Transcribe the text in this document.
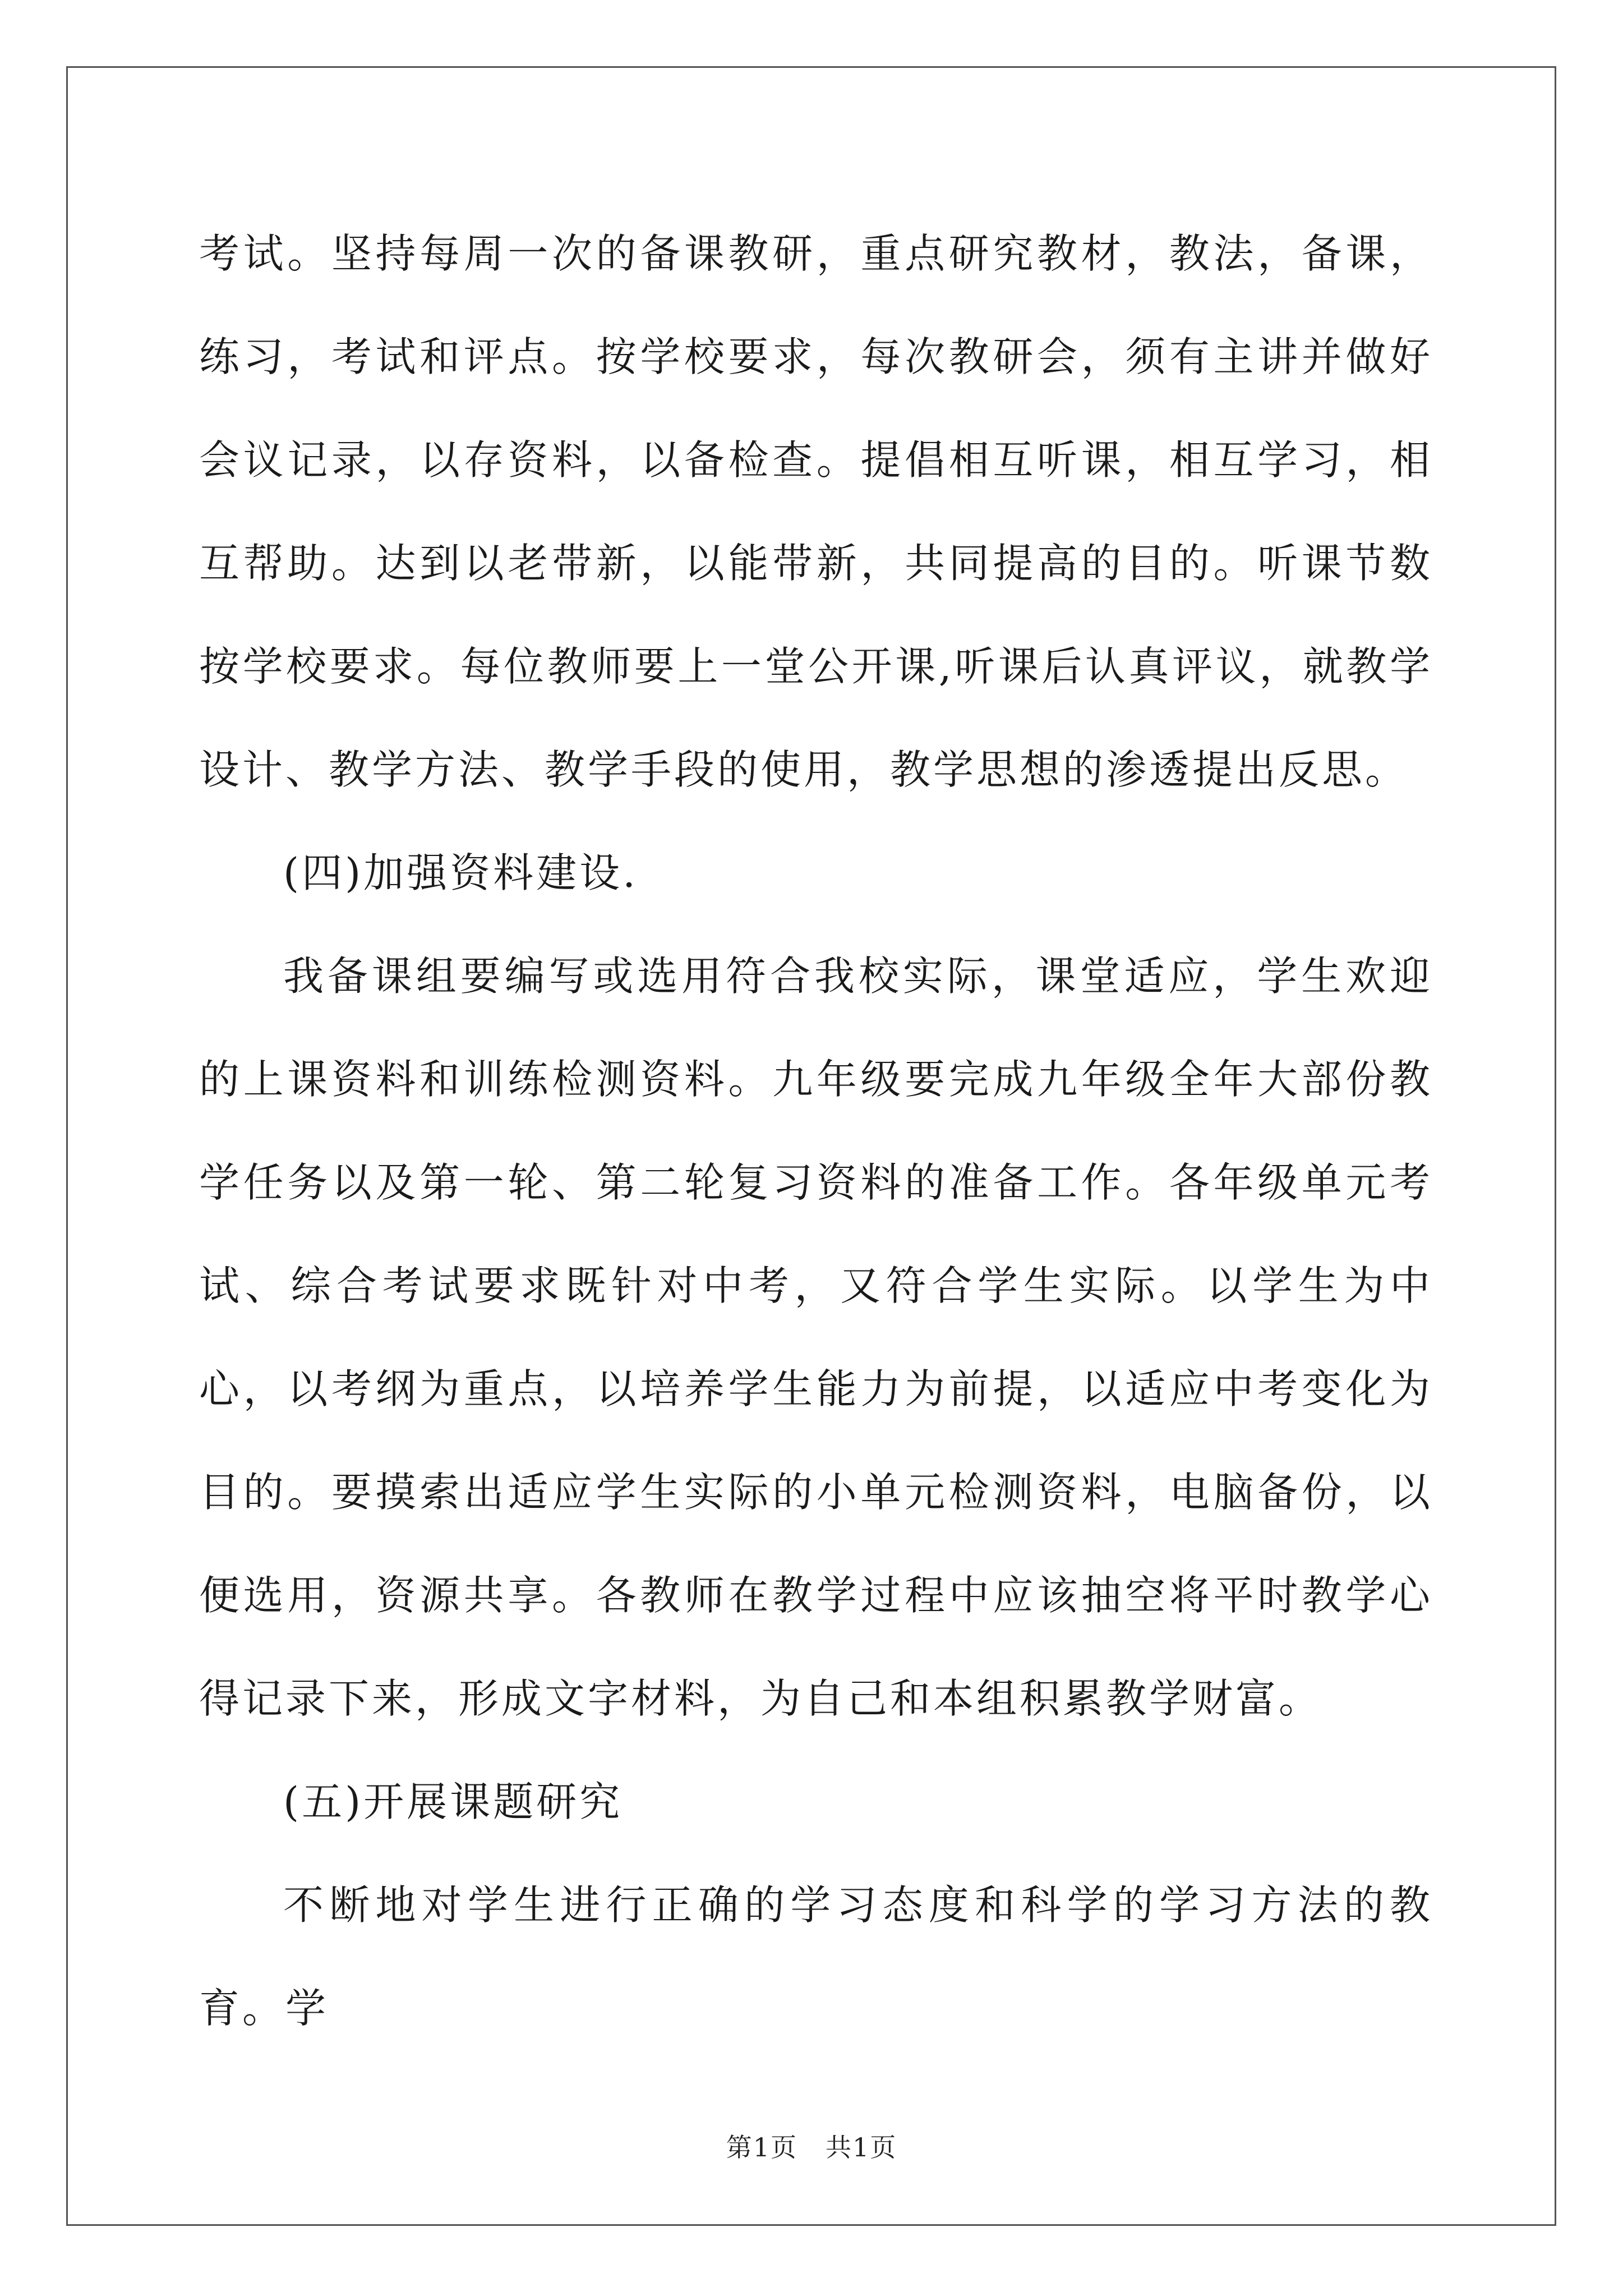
考试。坚持每周一次的备课教研，重点研究教材，教法，备课，练习，考试和评点。按学校要求，每次教研会，须有主讲并做好会议记录，以存资料，以备检查。提倡相互听课，相互学习，相互帮助。达到以老带新，以能带新，共同提高的目的。听课节数按学校要求。每位教师要上一堂公开课,听课后认真评议，就教学设计、教学方法、教学手段的使用，教学思想的渗透提出反思。

(四)加强资料建设.

我备课组要编写或选用符合我校实际，课堂适应，学生欢迎的上课资料和训练检测资料。九年级要完成九年级全年大部份教学任务以及第一轮、第二轮复习资料的准备工作。各年级单元考试、综合考试要求既针对中考，又符合学生实际。以学生为中心，以考纲为重点，以培养学生能力为前提，以适应中考变化为目的。要摸索出适应学生实际的小单元检测资料，电脑备份，以便选用，资源共享。各教师在教学过程中应该抽空将平时教学心得记录下来，形成文字材料，为自己和本组积累教学财富。

(五)开展课题研究

不断地对学生进行正确的学习态度和科学的学习方法的教育。学

第1页 共1页
